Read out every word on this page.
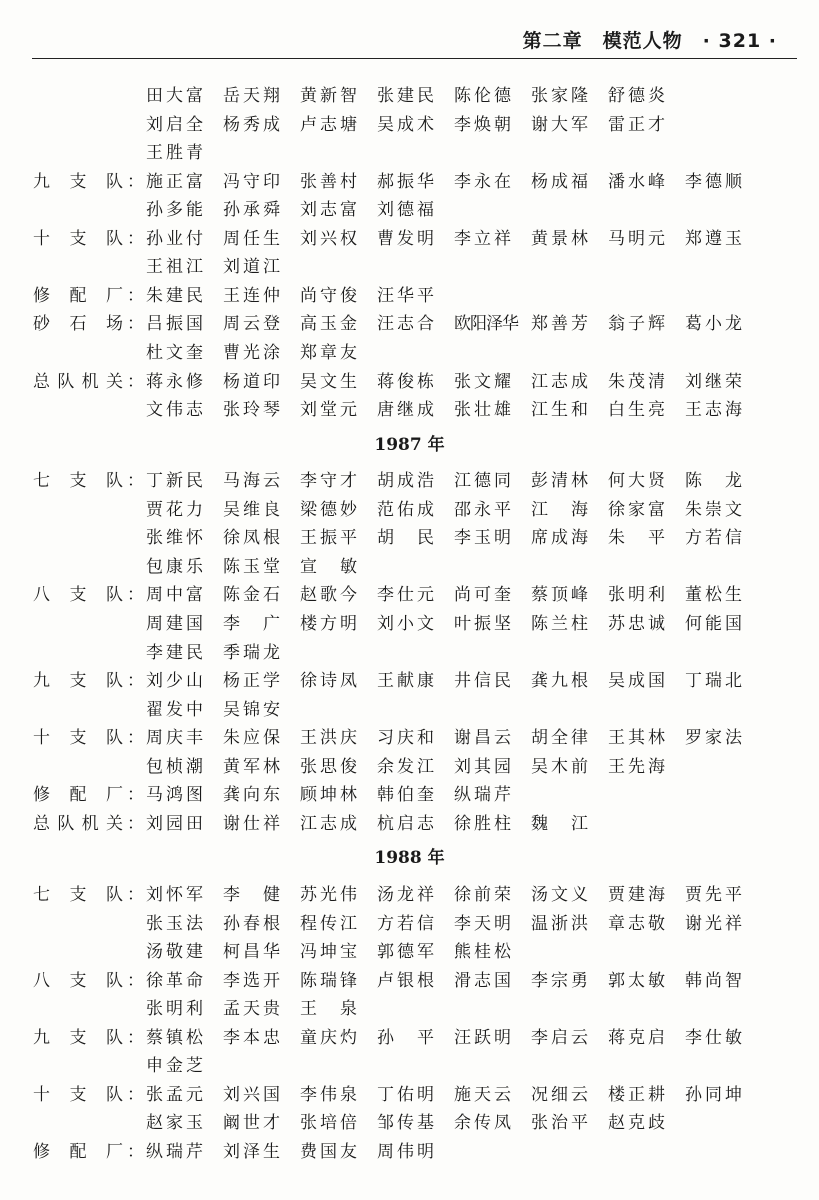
第二章　模范人物　· 321 ·
田 大 富 岳 天 翔 黄 新 智 张 建 民 陈 伦 德 张 家 隆 舒 德 炎
刘 启 全 杨 秀 成 卢 志 塘 吴 成 术 李 焕 朝 谢 大 军 雷 正 才
王 胜 青
九 支 队 ： 施 正 富 冯 守 印 张 善 村 郝 振 华 李 永 在 杨 成 福 潘 水 峰 李 德 顺
孙 多 能 孙 承 舜 刘 志 富 刘 德 福
十 支 队 ： 孙 业 付 周 任 生 刘 兴 权 曹 发 明 李 立 祥 黄 景 林 马 明 元 郑 遵 玉
王 祖 江 刘 道 江
修 配 厂 ： 朱 建 民 王 连 仲 尚 守 俊 汪 华 平
砂 石 场 ： 吕 振 国 周 云 登 高 玉 金 汪 志 合 欧阳泽华 郑 善 芳 翁 子 辉 葛 小 龙
杜 文 奎 曹 光 涂 郑 章 友
总 队 机 关 ： 蒋 永 修 杨 道 印 吴 文 生 蒋 俊 栋 张 文 耀 江 志 成 朱 茂 清 刘 继 荣
文 伟 志 张 玲 琴 刘 堂 元 唐 继 成 张 壮 雄 江 生 和 白 生 亮 王 志 海
1987 年
七 支 队 ： 丁 新 民 马 海 云 李 守 才 胡 成 浩 江 德 同 彭 清 林 何 大 贤 陈 龙
贾 花 力 吴 维 良 梁 德 妙 范 佑 成 邵 永 平 江 海 徐 家 富 朱 崇 文
张 维 怀 徐 凤 根 王 振 平 胡 民 李 玉 明 席 成 海 朱 平 方 若 信
包 康 乐 陈 玉 堂 宣 敏
八 支 队 ： 周 中 富 陈 金 石 赵 歌 今 李 仕 元 尚 可 奎 蔡 顶 峰 张 明 利 董 松 生
周 建 国 李 广 楼 方 明 刘 小 文 叶 振 坚 陈 兰 柱 苏 忠 诚 何 能 国
李 建 民 季 瑞 龙
九 支 队 ： 刘 少 山 杨 正 学 徐 诗 凤 王 献 康 井 信 民 龚 九 根 吴 成 国 丁 瑞 北
翟 发 中 吴 锦 安
十 支 队 ： 周 庆 丰 朱 应 保 王 洪 庆 习 庆 和 谢 昌 云 胡 全 律 王 其 林 罗 家 法
包 桢 潮 黄 军 林 张 思 俊 余 发 江 刘 其 园 吴 木 前 王 先 海
修 配 厂 ： 马 鸿 图 龚 向 东 顾 坤 林 韩 伯 奎 纵 瑞 芹
总 队 机 关 ： 刘 园 田 谢 仕 祥 江 志 成 杭 启 志 徐 胜 柱 魏 江
1988 年
七 支 队 ： 刘 怀 军 李 健 苏 光 伟 汤 龙 祥 徐 前 荣 汤 文 义 贾 建 海 贾 先 平
张 玉 法 孙 春 根 程 传 江 方 若 信 李 天 明 温 浙 洪 章 志 敬 谢 光 祥
汤 敬 建 柯 昌 华 冯 坤 宝 郭 德 军 熊 桂 松
八 支 队 ： 徐 革 命 李 选 开 陈 瑞 锋 卢 银 根 滑 志 国 李 宗 勇 郭 太 敏 韩 尚 智
张 明 利 孟 天 贵 王 泉
九 支 队 ： 蔡 镇 松 李 本 忠 童 庆 灼 孙 平 汪 跃 明 李 启 云 蒋 克 启 李 仕 敏
申 金 芝
十 支 队 ： 张 孟 元 刘 兴 国 李 伟 泉 丁 佑 明 施 天 云 况 细 云 楼 正 耕 孙 同 坤
赵 家 玉 阚 世 才 张 培 倍 邹 传 基 余 传 凤 张 治 平 赵 克 歧
修 配 厂 ： 纵 瑞 芹 刘 泽 生 费 国 友 周 伟 明
